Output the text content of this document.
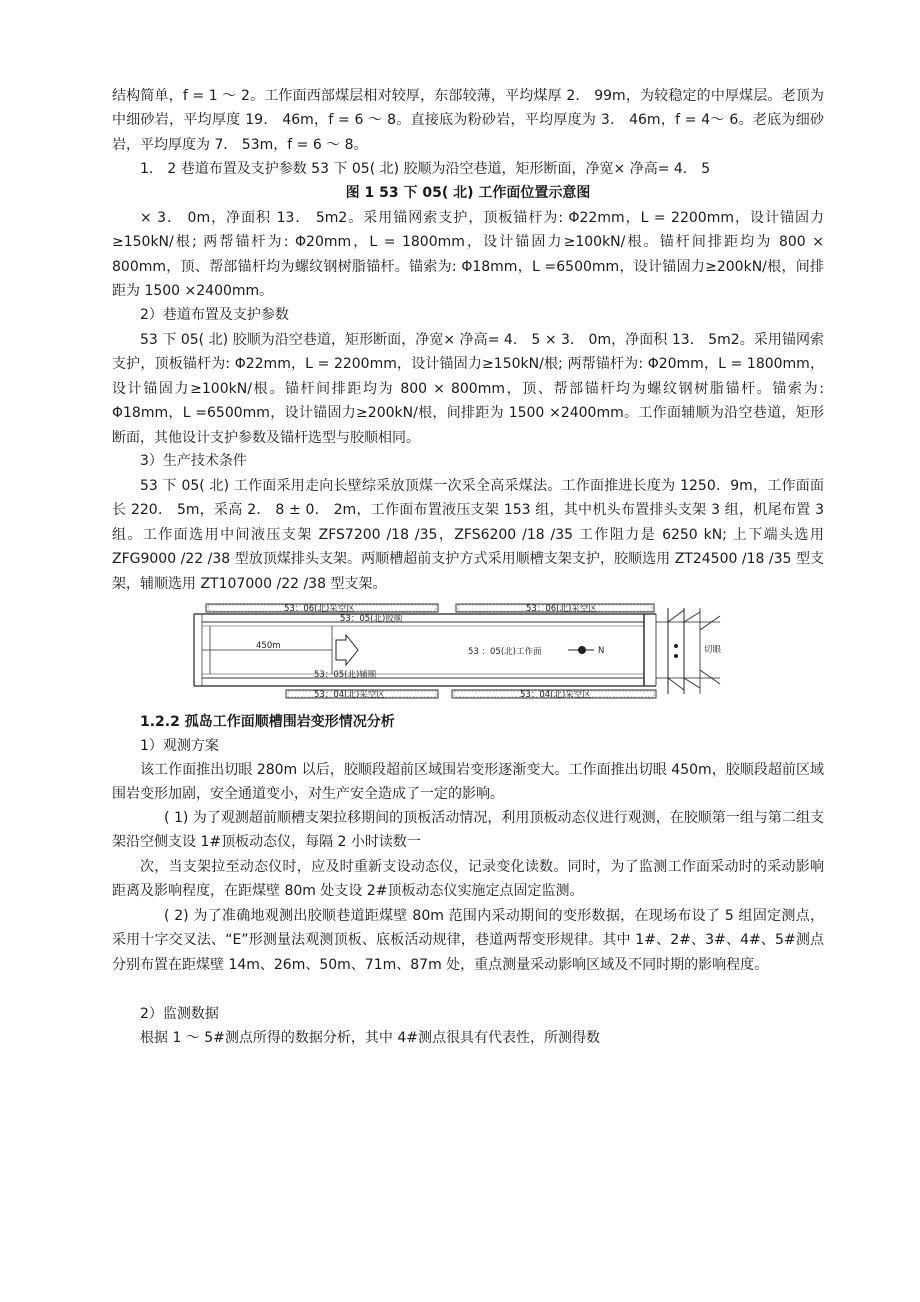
结构简单，f = 1 ～ 2。工作面西部煤层相对较厚，东部较薄，平均煤厚 2． 99m，为较稳定的中厚煤层。老顶为中细砂岩，平均厚度 19． 46m，f = 6 ～ 8。直接底为粉砂岩，平均厚度为 3． 46m，f = 4～ 6。老底为细砂岩，平均厚度为 7． 53m，f = 6 ～ 8。

1． 2 巷道布置及支护参数 53 下 05( 北) 胶顺为沿空巷道，矩形断面，净宽× 净高= 4． 5

图 1 53 下 05( 北) 工作面位置示意图

× 3． 0m，净面积 13． 5m2。采用锚网索支护，顶板锚杆为: Φ22mm，L = 2200mm，设计锚固力≥150kN/根; 两帮锚杆为: Φ20mm，L = 1800mm，设计锚固力≥100kN/根。锚杆间排距均为 800 × 800mm，顶、帮部锚杆均为螺纹钢树脂锚杆。锚索为: Φ18mm，L =6500mm，设计锚固力≥200kN/根，间排距为 1500 ×2400mm。

2）巷道布置及支护参数

53 下 05( 北) 胶顺为沿空巷道，矩形断面，净宽× 净高= 4． 5 × 3． 0m，净面积 13． 5m2。采用锚网索支护，顶板锚杆为: Φ22mm，L = 2200mm，设计锚固力≥150kN/根; 两帮锚杆为: Φ20mm，L = 1800mm，设计锚固力≥100kN/根。锚杆间排距均为 800 × 800mm，顶、帮部锚杆均为螺纹钢树脂锚杆。锚索为: Φ18mm，L =6500mm，设计锚固力≥200kN/根，间排距为 1500 ×2400mm。工作面辅顺为沿空巷道，矩形断面，其他设计支护参数及锚杆选型与胶顺相同。

3）生产技术条件

53 下 05( 北) 工作面采用走向长壁综采放顶煤一次采全高采煤法。工作面推进长度为 1250．9m，工作面面长 220． 5m，采高 2． 8 ± 0． 2m，工作面布置液压支架 153 组，其中机头布置排头支架 3 组，机尾布置 3 组。工作面选用中间液压支架 ZFS7200 /18 /35，ZFS6200 /18 /35 工作阻力是 6250 kN; 上下端头选用 ZFG9000 /22 /38 型放顶煤排头支架。两顺槽超前支护方式采用顺槽支架支护，胶顺选用 ZT24500 /18 /35 型支架，辅顺选用 ZT107000 /22 /38 型支架。

53：06(北)采空区	53：06(北)采空区
53：05(北)胶顺
53：05(北)辅顺
450m
53 ：05(北)工作面	N	切眼
53：04(北)采空区	53：04(北)采空区

1.2.2 孤岛工作面顺槽围岩变形情况分析

1）观测方案

该工作面推出切眼 280m 以后，胶顺段超前区域围岩变形逐渐变大。工作面推出切眼 450m，胶顺段超前区域围岩变形加剧，安全通道变小，对生产安全造成了一定的影响。

( 1) 为了观测超前顺槽支架拉移期间的顶板活动情况，利用顶板动态仪进行观测，在胶顺第一组与第二组支架沿空侧支设 1#顶板动态仪，每隔 2 小时读数一

次，当支架拉至动态仪时，应及时重新支设动态仪，记录变化读数。同时，为了监测工作面采动时的采动影响距离及影响程度，在距煤壁 80m 处支设 2#顶板动态仪实施定点固定监测。

( 2) 为了准确地观测出胶顺巷道距煤壁 80m 范围内采动期间的变形数据，在现场布设了 5 组固定测点，采用十字交叉法、“E”形测量法观测顶板、底板活动规律，巷道两帮变形规律。其中 1#、2#、3#、4#、5#测点分别布置在距煤壁 14m、26m、50m、71m、87m 处，重点测量采动影响区域及不同时期的影响程度。

2）监测数据

根据 1 ～ 5#测点所得的数据分析，其中 4#测点很具有代表性，所测得数
